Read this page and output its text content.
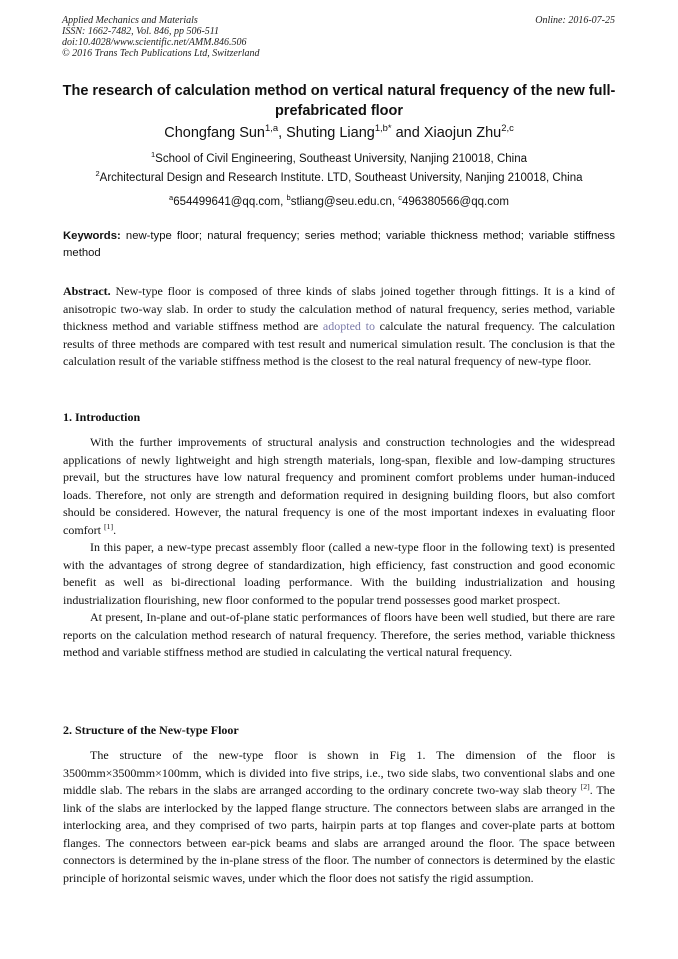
Applied Mechanics and Materials
ISSN: 1662-7482, Vol. 846, pp 506-511
doi:10.4028/www.scientific.net/AMM.846.506
© 2016 Trans Tech Publications Ltd, Switzerland
Online: 2016-07-25
The research of calculation method on vertical natural frequency of the new full-prefabricated floor
Chongfang Sun$^{1,a}$, Shuting Liang$^{1,b*}$ and Xiaojun Zhu$^{2,c}$
$^1$School of Civil Engineering, Southeast University, Nanjing 210018, China
$^2$Architectural Design and Research Institute. LTD, Southeast University, Nanjing 210018, China
$^a$654499641@qq.com, $^b$stliang@seu.edu.cn, $^c$496380566@qq.com
Keywords: new-type floor; natural frequency; series method; variable thickness method; variable stiffness method

Abstract. New-type floor is composed of three kinds of slabs joined together through fittings. It is a kind of anisotropic two-way slab. In order to study the calculation method of natural frequency, series method, variable thickness method and variable stiffness method are adopted to calculate the natural frequency. The calculation results of three methods are compared with test result and numerical simulation result. The conclusion is that the calculation result of the variable stiffness method is the closest to the real natural frequency of new-type floor.

1. Introduction

With the further improvements of structural analysis and construction technologies and the widespread applications of newly lightweight and high strength materials, long-span, flexible and low-damping structures prevail, but the structures have low natural frequency and prominent comfort problems under human-induced loads. Therefore, not only are strength and deformation required in designing building floors, but also comfort should be considered. However, the natural frequency is one of the most important indexes in evaluating floor comfort [1].

In this paper, a new-type precast assembly floor (called a new-type floor in the following text) is presented with the advantages of strong degree of standardization, high efficiency, fast construction and good economic benefit as well as bi-directional loading performance. With the building industrialization and housing industrialization flourishing, new floor conformed to the popular trend possesses good market prospect.

At present, In-plane and out-of-plane static performances of floors have been well studied, but there are rare reports on the calculation method research of natural frequency. Therefore, the series method, variable thickness method and variable stiffness method are studied in calculating the vertical natural frequency.

2. Structure of the New-type Floor

The structure of the new-type floor is shown in Fig 1. The dimension of the floor is 3500mm×3500mm×100mm, which is divided into five strips, i.e., two side slabs, two conventional slabs and one middle slab. The rebars in the slabs are arranged according to the ordinary concrete two-way slab theory [2]. The link of the slabs are interlocked by the lapped flange structure. The connectors between slabs are arranged in the interlocking area, and they comprised of two parts, hairpin parts at top flanges and cover-plate parts at bottom flanges. The connectors between ear-pick beams and slabs are arranged around the floor. The space between connectors is determined by the in-plane stress of the floor. The number of connectors is determined by the elastic principle of horizontal seismic waves, under which the floor does not satisfy the rigid assumption.
